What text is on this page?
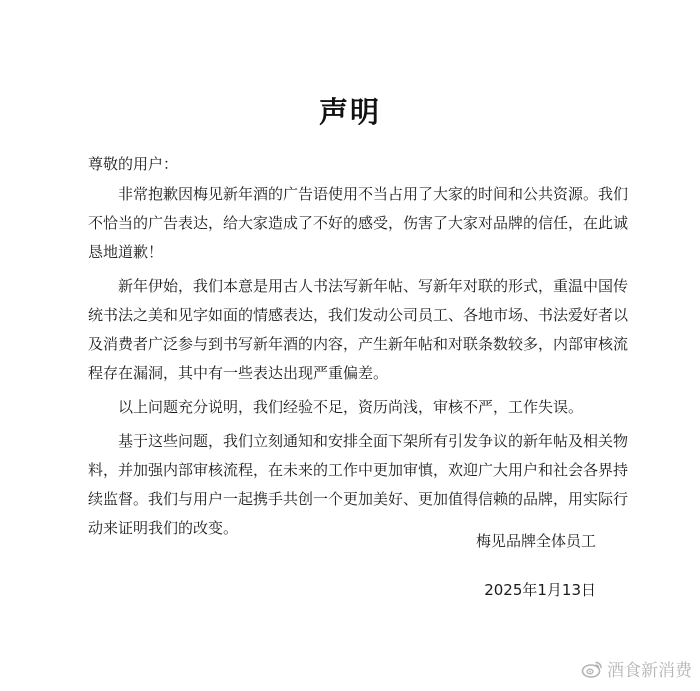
声明

尊敬的用户：

非常抱歉因梅见新年酒的广告语使用不当占用了大家的时间和公共资源。我们不恰当的广告表达，给大家造成了不好的感受，伤害了大家对品牌的信任，在此诚恳地道歉！

新年伊始，我们本意是用古人书法写新年帖、写新年对联的形式，重温中国传统书法之美和见字如面的情感表达，我们发动公司员工、各地市场、书法爱好者以及消费者广泛参与到书写新年酒的内容，产生新年帖和对联条数较多，内部审核流程存在漏洞，其中有一些表达出现严重偏差。

以上问题充分说明，我们经验不足，资历尚浅，审核不严，工作失误。

基于这些问题，我们立刻通知和安排全面下架所有引发争议的新年帖及相关物料，并加强内部审核流程，在未来的工作中更加审慎，欢迎广大用户和社会各界持续监督。我们与用户一起携手共创一个更加美好、更加值得信赖的品牌，用实际行动来证明我们的改变。

梅见品牌全体员工
2025年1月13日
酒食新消费
